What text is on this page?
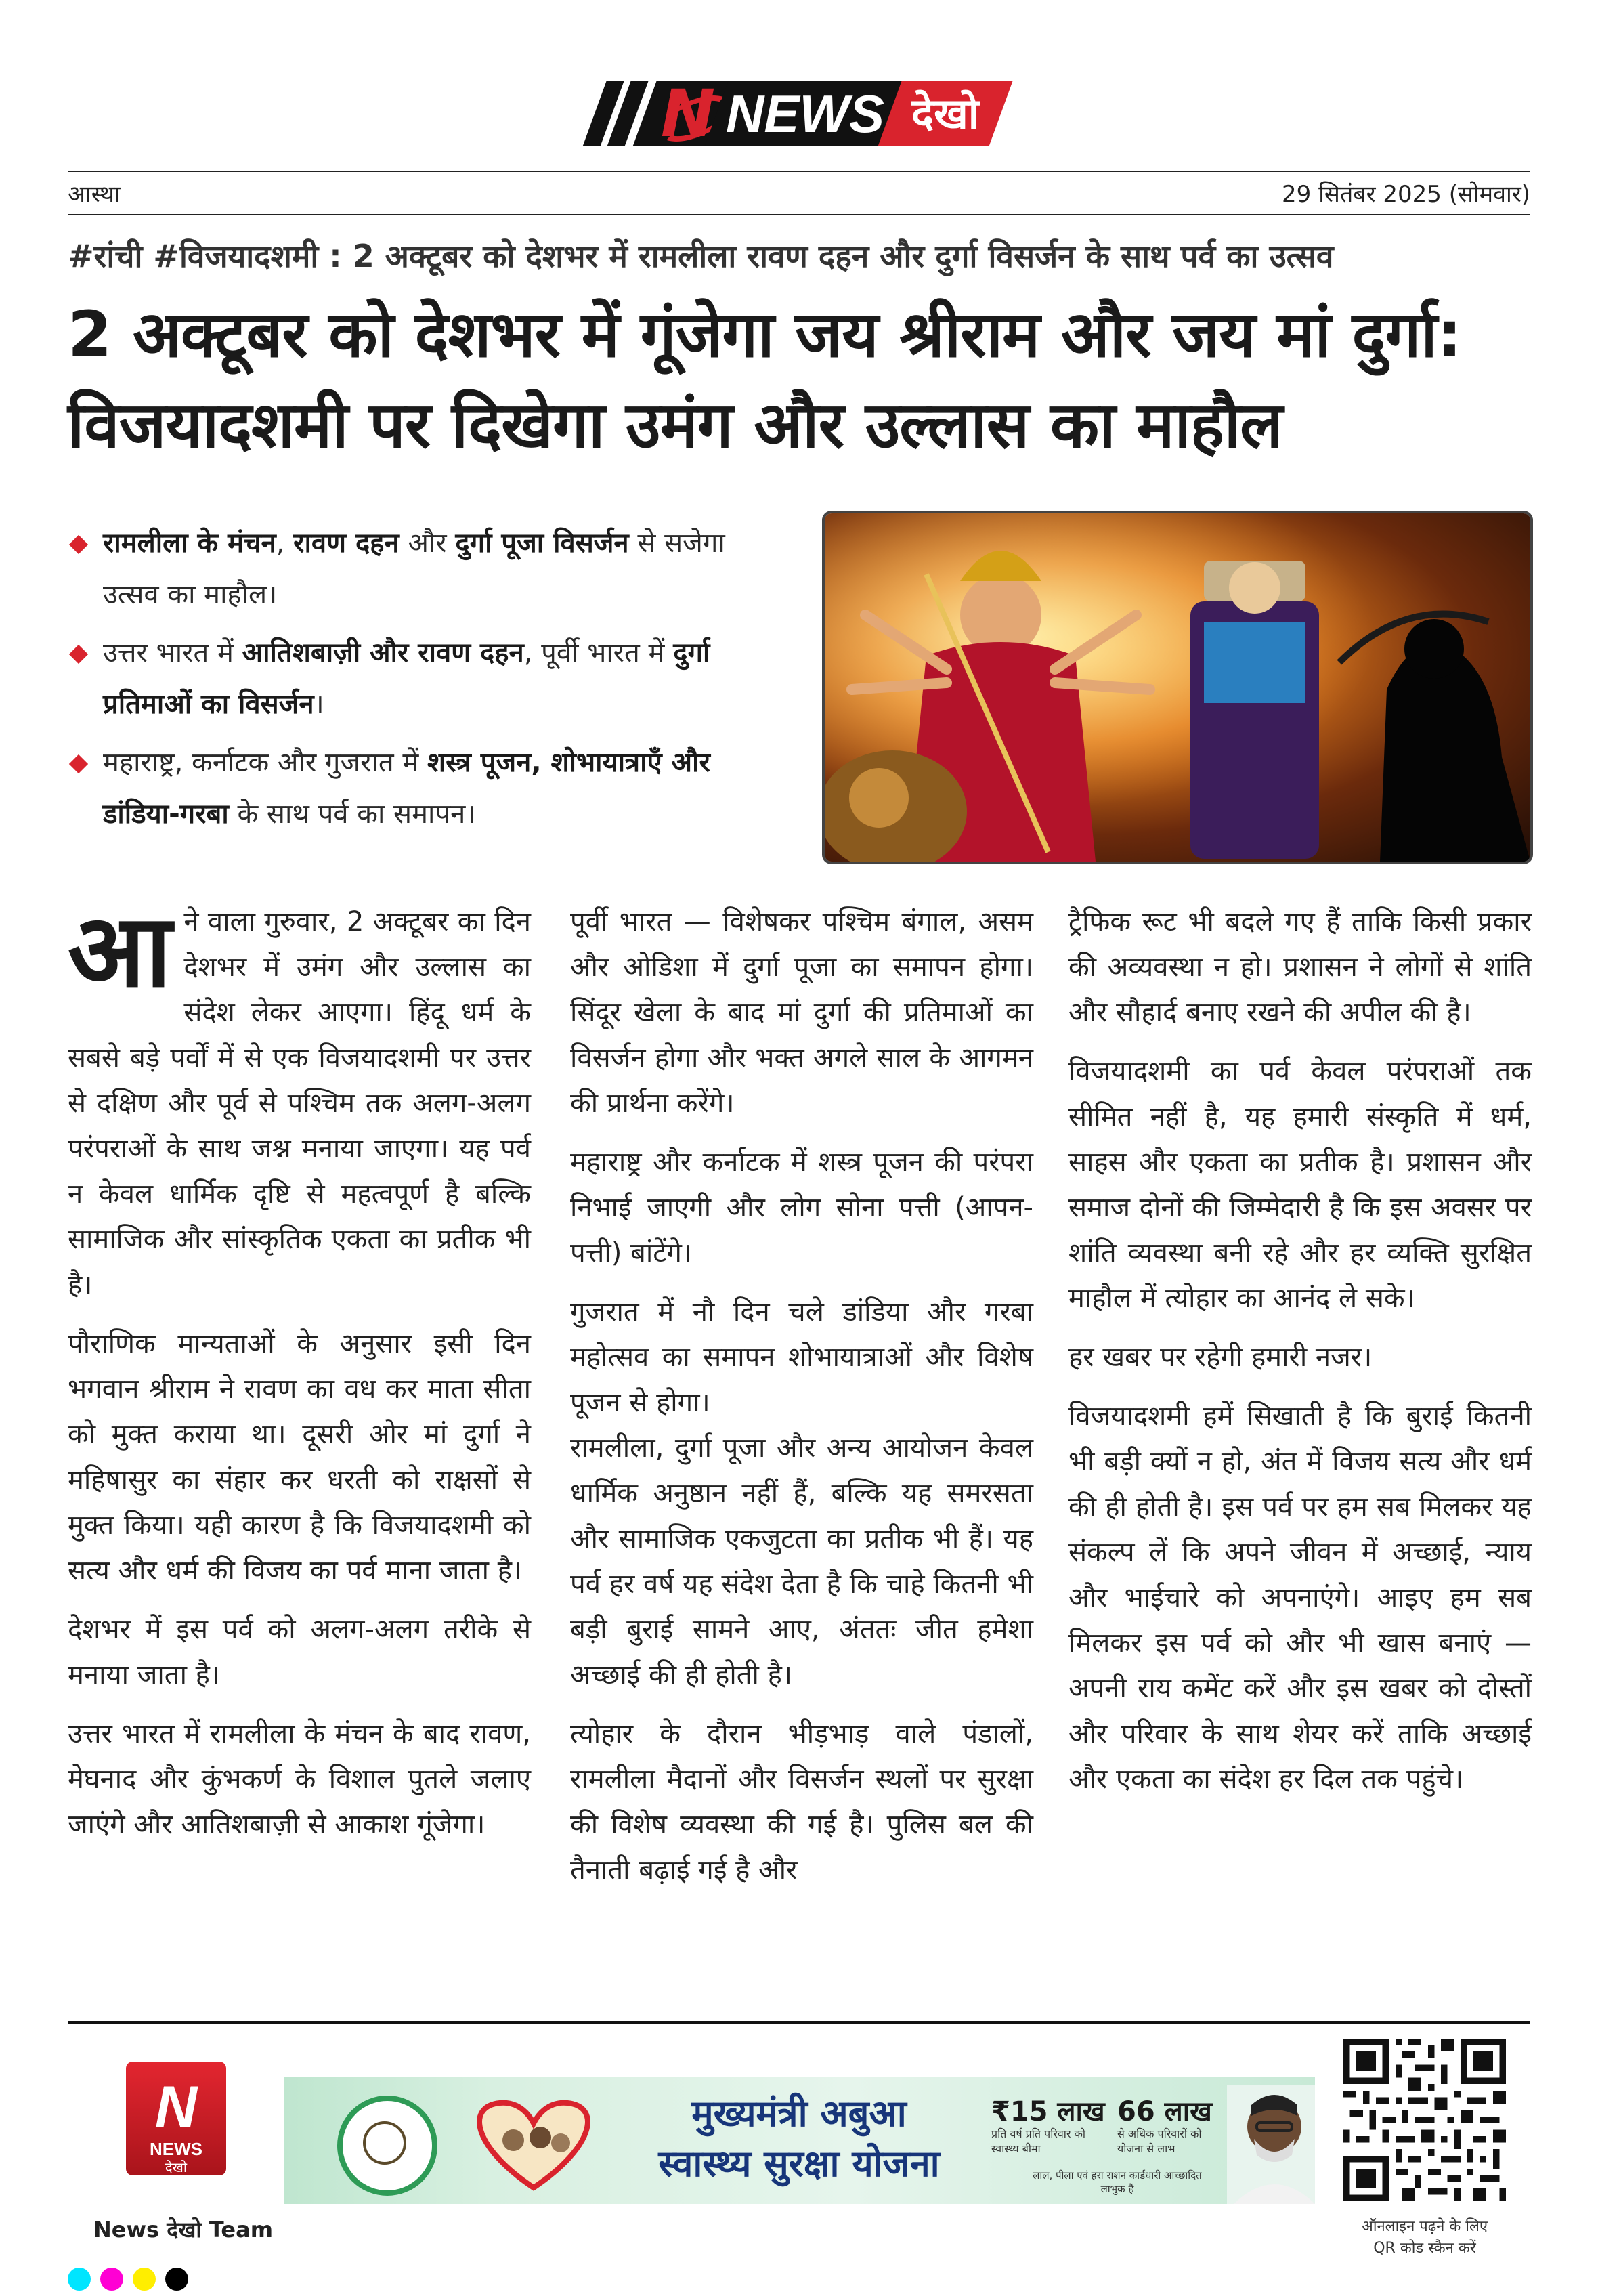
N NEWS देखो
आस्था	29 सितंबर 2025 (सोमवार)
#रांची #विजयादशमी : 2 अक्टूबर को देशभर में रामलीला रावण दहन और दुर्गा विसर्जन के साथ पर्व का उत्सव
2 अक्टूबर को देशभर में गूंजेगा जय श्रीराम और जय मां दुर्गा:
विजयादशमी पर दिखेगा उमंग और उल्लास का माहौल
रामलीला के मंचन, रावण दहन और दुर्गा पूजा विसर्जन से सजेगा उत्सव का माहौल।
उत्तर भारत में आतिशबाज़ी और रावण दहन, पूर्वी भारत में दुर्गा प्रतिमाओं का विसर्जन।
महाराष्ट्र, कर्नाटक और गुजरात में शस्त्र पूजन, शोभायात्राएँ और डांडिया-गरबा के साथ पर्व का समापन।

आने वाला गुरुवार, 2 अक्टूबर का दिन देशभर में उमंग और उल्लास का संदेश लेकर आएगा। हिंदू धर्म के सबसे बड़े पर्वों में से एक विजयादशमी पर उत्तर से दक्षिण और पूर्व से पश्चिम तक अलग-अलग परंपराओं के साथ जश्न मनाया जाएगा। यह पर्व न केवल धार्मिक दृष्टि से महत्वपूर्ण है बल्कि सामाजिक और सांस्कृतिक एकता का प्रतीक भी है।

पौराणिक मान्यताओं के अनुसार इसी दिन भगवान श्रीराम ने रावण का वध कर माता सीता को मुक्त कराया था। दूसरी ओर मां दुर्गा ने महिषासुर का संहार कर धरती को राक्षसों से मुक्त किया। यही कारण है कि विजयादशमी को सत्य और धर्म की विजय का पर्व माना जाता है।

देशभर में इस पर्व को अलग-अलग तरीके से मनाया जाता है।

उत्तर भारत में रामलीला के मंचन के बाद रावण, मेघनाद और कुंभकर्ण के विशाल पुतले जलाए जाएंगे और आतिशबाज़ी से आकाश गूंजेगा।

पूर्वी भारत — विशेषकर पश्चिम बंगाल, असम और ओडिशा में दुर्गा पूजा का समापन होगा। सिंदूर खेला के बाद मां दुर्गा की प्रतिमाओं का विसर्जन होगा और भक्त अगले साल के आगमन की प्रार्थना करेंगे।

महाराष्ट्र और कर्नाटक में शस्त्र पूजन की परंपरा निभाई जाएगी और लोग सोना पत्ती (आपन-पत्ती) बांटेंगे।

गुजरात में नौ दिन चले डांडिया और गरबा महोत्सव का समापन शोभायात्राओं और विशेष पूजन से होगा।

रामलीला, दुर्गा पूजा और अन्य आयोजन केवल धार्मिक अनुष्ठान नहीं हैं, बल्कि यह समरसता और सामाजिक एकजुटता का प्रतीक भी हैं। यह पर्व हर वर्ष यह संदेश देता है कि चाहे कितनी भी बड़ी बुराई सामने आए, अंततः जीत हमेशा अच्छाई की ही होती है।

त्योहार के दौरान भीड़भाड़ वाले पंडालों, रामलीला मैदानों और विसर्जन स्थलों पर सुरक्षा की विशेष व्यवस्था की गई है। पुलिस बल की तैनाती बढ़ाई गई है और

ट्रैफिक रूट भी बदले गए हैं ताकि किसी प्रकार की अव्यवस्था न हो। प्रशासन ने लोगों से शांति और सौहार्द बनाए रखने की अपील की है।

विजयादशमी का पर्व केवल परंपराओं तक सीमित नहीं है, यह हमारी संस्कृति में धर्म, साहस और एकता का प्रतीक है। प्रशासन और समाज दोनों की जिम्मेदारी है कि इस अवसर पर शांति व्यवस्था बनी रहे और हर व्यक्ति सुरक्षित माहौल में त्योहार का आनंद ले सके।

हर खबर पर रहेगी हमारी नजर।

विजयादशमी हमें सिखाती है कि बुराई कितनी भी बड़ी क्यों न हो, अंत में विजय सत्य और धर्म की ही होती है। इस पर्व पर हम सब मिलकर यह संकल्प लें कि अपने जीवन में अच्छाई, न्याय और भाईचारे को अपनाएंगे। आइए हम सब मिलकर इस पर्व को और भी खास बनाएं — अपनी राय कमेंट करें और इस खबर को दोस्तों और परिवार के साथ शेयर करें ताकि अच्छाई और एकता का संदेश हर दिल तक पहुंचे।

N
NEWS
देखो
News देखो Team
मुख्यमंत्री अबुआ
स्वास्थ्य सुरक्षा योजना
₹15 लाख
प्रति वर्ष प्रति परिवार को स्वास्थ्य बीमा
66 लाख
से अधिक परिवारों को योजना से लाभ
लाल, पीला एवं हरा राशन कार्डधारी आच्छादित लाभुक हैं
ऑनलाइन पढ़ने के लिए
QR कोड स्कैन करें
